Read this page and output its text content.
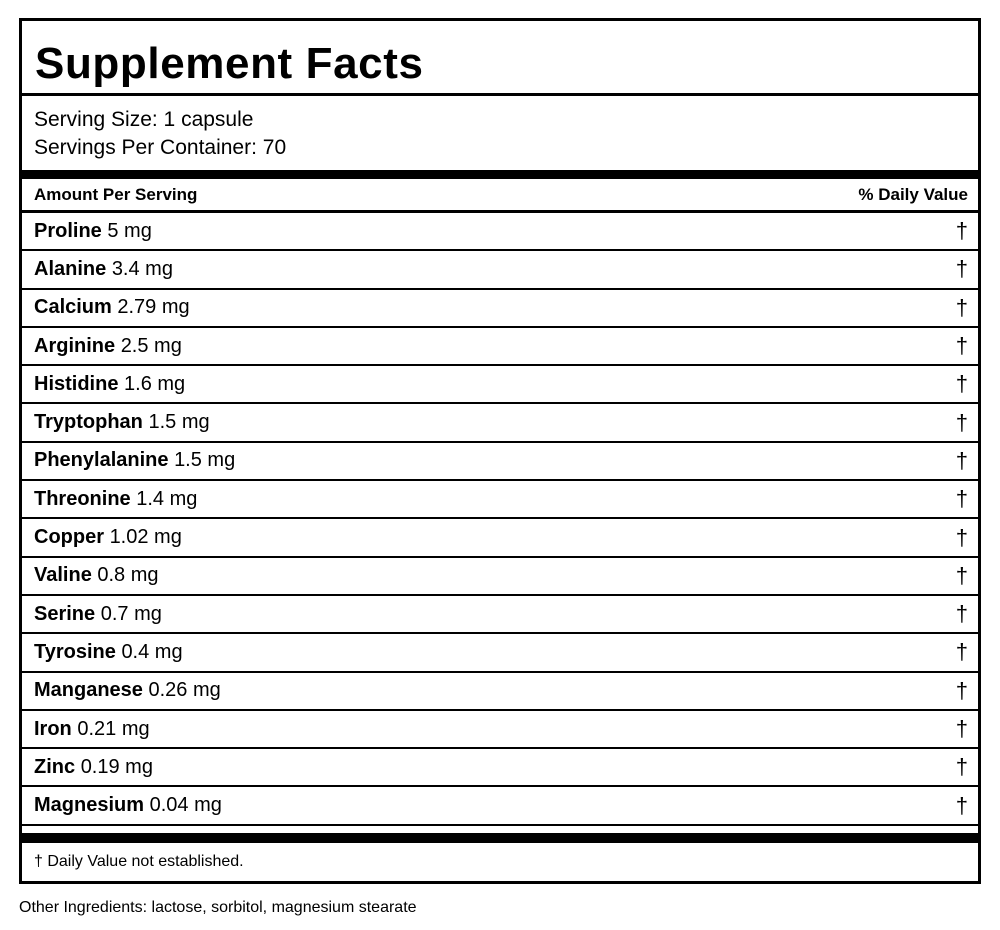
Supplement Facts
Serving Size: 1 capsule
Servings Per Container: 70
Amount Per Serving	% Daily Value
Proline 5 mg	†
Alanine 3.4 mg	†
Calcium 2.79 mg	†
Arginine 2.5 mg	†
Histidine 1.6 mg	†
Tryptophan 1.5 mg	†
Phenylalanine 1.5 mg	†
Threonine 1.4 mg	†
Copper 1.02 mg	†
Valine 0.8 mg	†
Serine 0.7 mg	†
Tyrosine 0.4 mg	†
Manganese 0.26 mg	†
Iron 0.21 mg	†
Zinc 0.19 mg	†
Magnesium 0.04 mg	†
† Daily Value not established.
Other Ingredients: lactose, sorbitol, magnesium stearate
